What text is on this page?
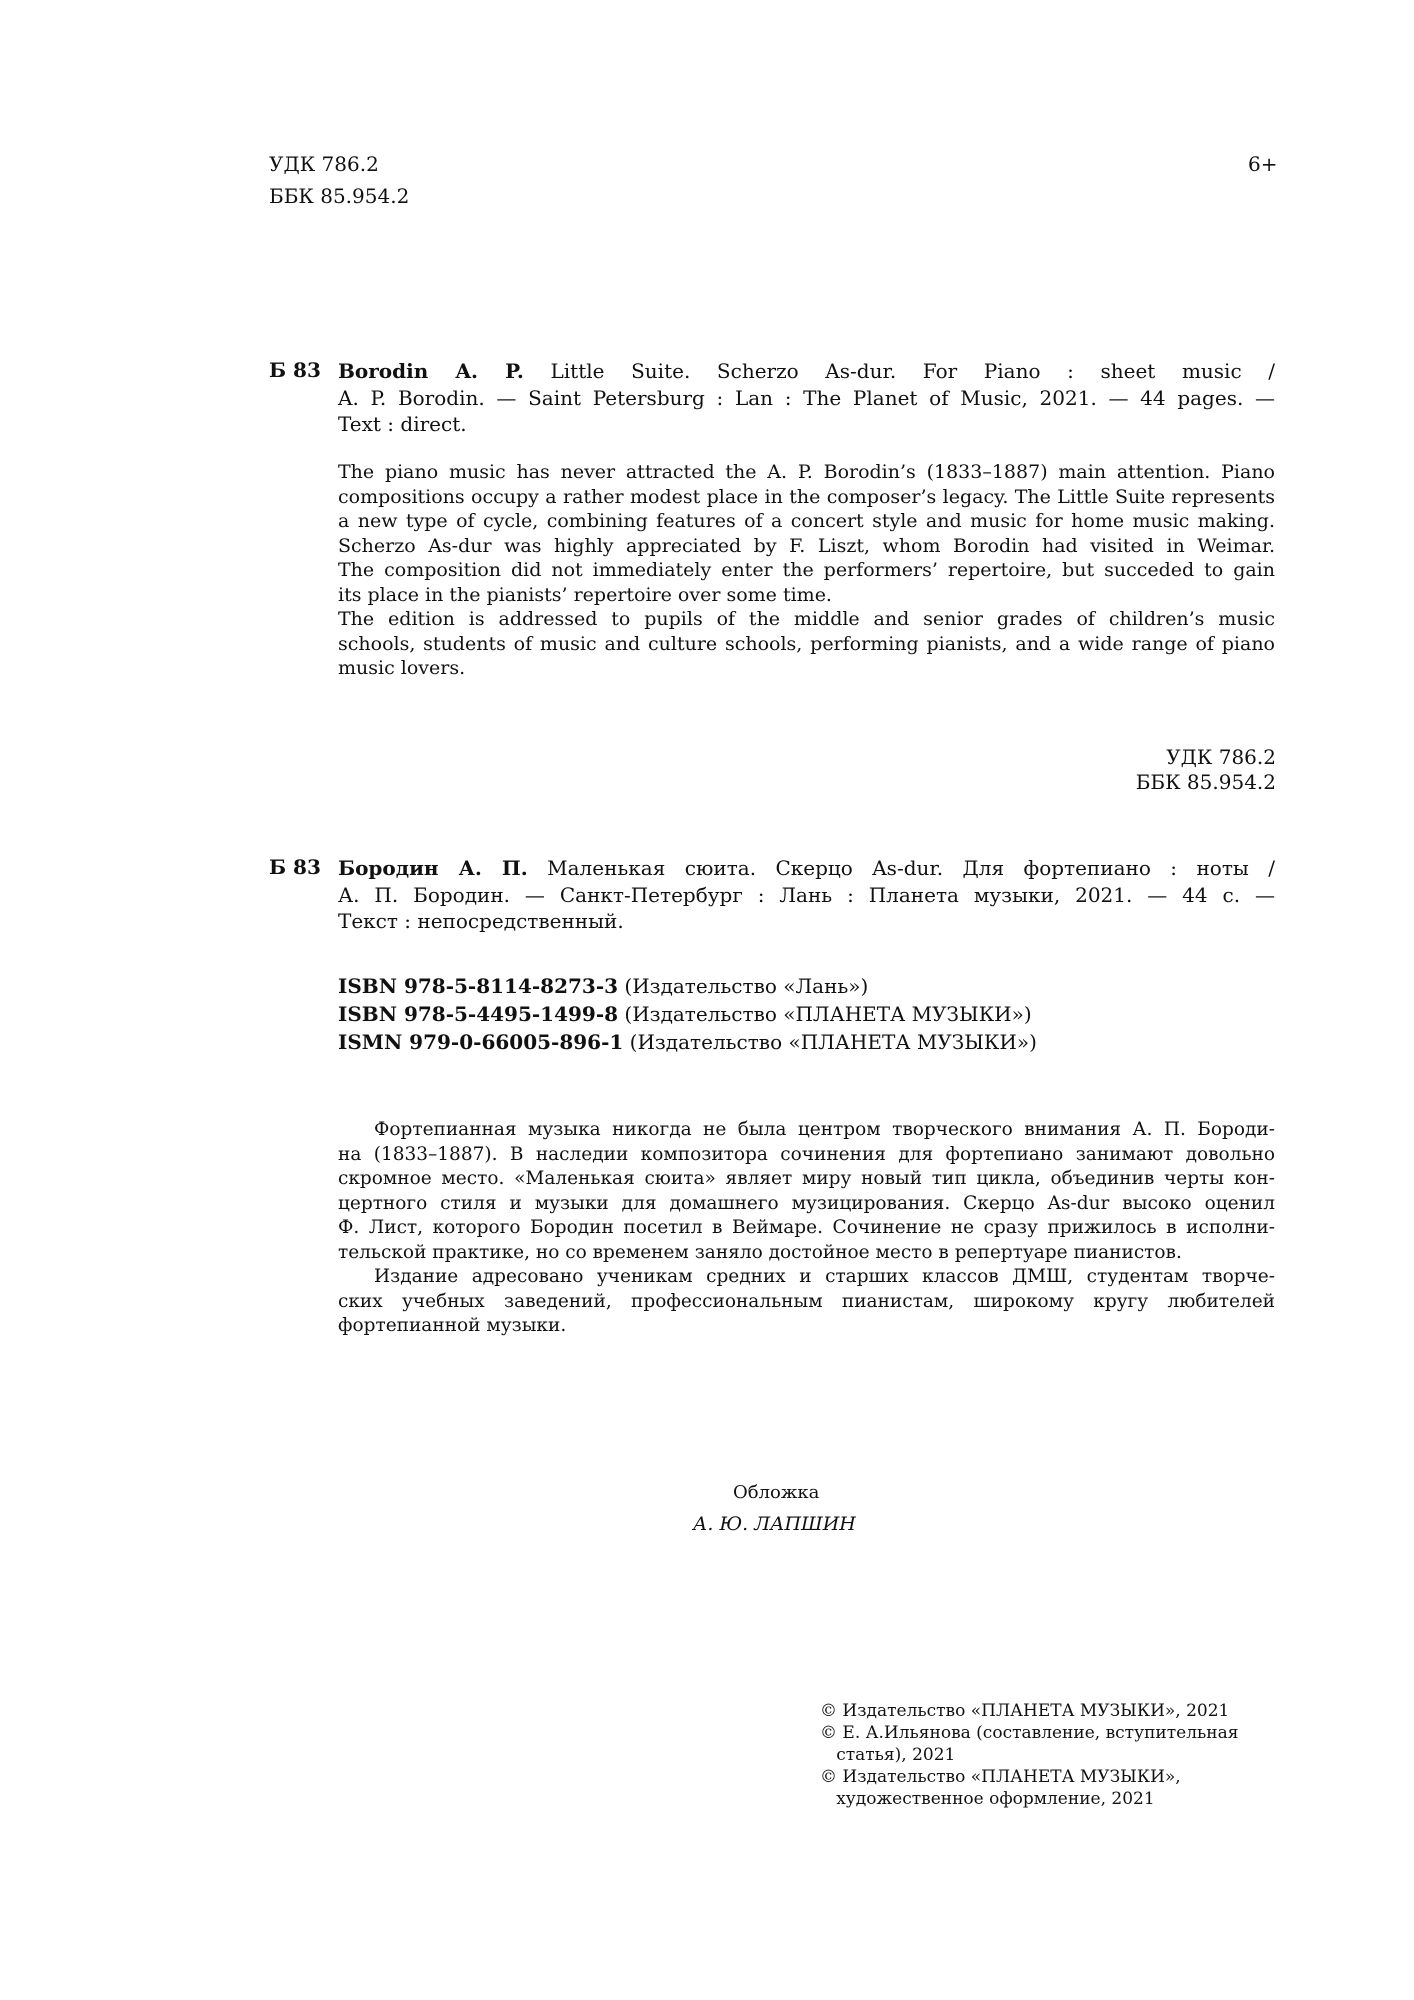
УДК 786.2
ББК 85.954.2
6+
Б 83 Borodin A. P. Little Suite. Scherzo As-dur. For Piano : sheet music /
A. P. Borodin. — Saint Petersburg : Lan : The Planet of Music, 2021. — 44 pages. —
Text : direct.
The piano music has never attracted the A. P. Borodin’s (1833–1887) main attention. Piano
compositions occupy a rather modest place in the composer’s legacy. The Little Suite represents
a new type of cycle, combining features of a concert style and music for home music making.
Scherzo As-dur was highly appreciated by F. Liszt, whom Borodin had visited in Weimar.
The composition did not immediately enter the performers’ repertoire, but succeded to gain
its place in the pianists’ repertoire over some time.
The edition is addressed to pupils of the middle and senior grades of children’s music
schools, students of music and culture schools, performing pianists, and a wide range of piano
music lovers.
УДК 786.2
ББК 85.954.2
Б 83 Бородин А. П. Маленькая сюита. Скерцо As-dur. Для фортепиано : ноты /
А. П. Бородин. — Санкт-Петербург : Лань : Планета музыки, 2021. — 44 с. —
Текст : непосредственный.
ISBN 978-5-8114-8273-3 (Издательство «Лань»)
ISBN 978-5-4495-1499-8 (Издательство «ПЛАНЕТА МУЗЫКИ»)
ISMN 979-0-66005-896-1 (Издательство «ПЛАНЕТА МУЗЫКИ»)
Фортепианная музыка никогда не была центром творческого внимания А. П. Бороди-
на (1833–1887). В наследии композитора сочинения для фортепиано занимают довольно
скромное место. «Маленькая сюита» являет миру новый тип цикла, объединив черты кон-
цертного стиля и музыки для домашнего музицирования. Скерцо As-dur высоко оценил
Ф. Лист, которого Бородин посетил в Веймаре. Сочинение не сразу прижилось в исполни-
тельской практике, но со временем заняло достойное место в репертуаре пианистов.
Издание адресовано ученикам средних и старших классов ДМШ, студентам творче-
ских учебных заведений, профессиональным пианистам, широкому кругу любителей
фортепианной музыки.
Обложка
А. Ю. ЛАПШИН
© Издательство «ПЛАНЕТА МУЗЫКИ», 2021
© Е. А.Ильянова (составление, вступительная
статья), 2021
© Издательство «ПЛАНЕТА МУЗЫКИ»,
художественное оформление, 2021
